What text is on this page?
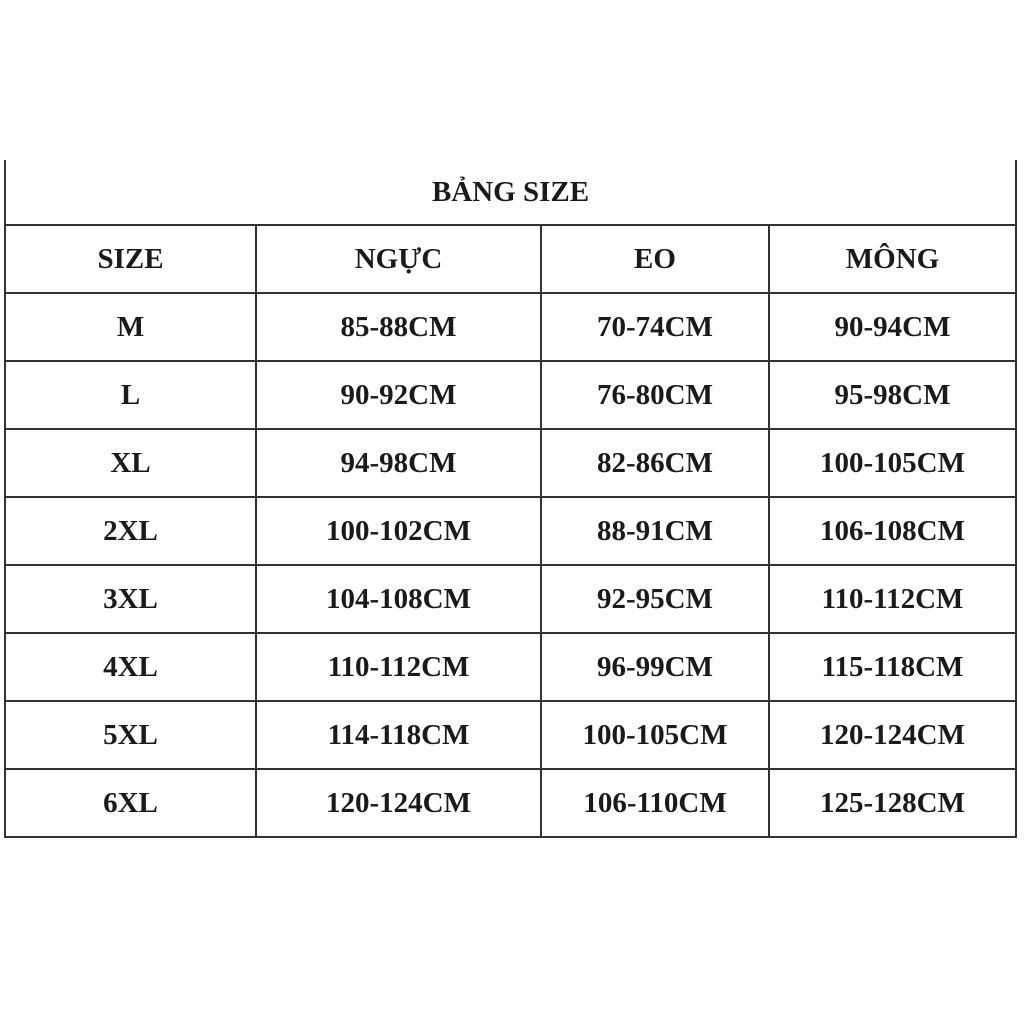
BẢNG SIZE			
SIZE	NGỰC	EO	MÔNG
M	85-88CM	70-74CM	90-94CM
L	90-92CM	76-80CM	95-98CM
XL	94-98CM	82-86CM	100-105CM
2XL	100-102CM	88-91CM	106-108CM
3XL	104-108CM	92-95CM	110-112CM
4XL	110-112CM	96-99CM	115-118CM
5XL	114-118CM	100-105CM	120-124CM
6XL	120-124CM	106-110CM	125-128CM
